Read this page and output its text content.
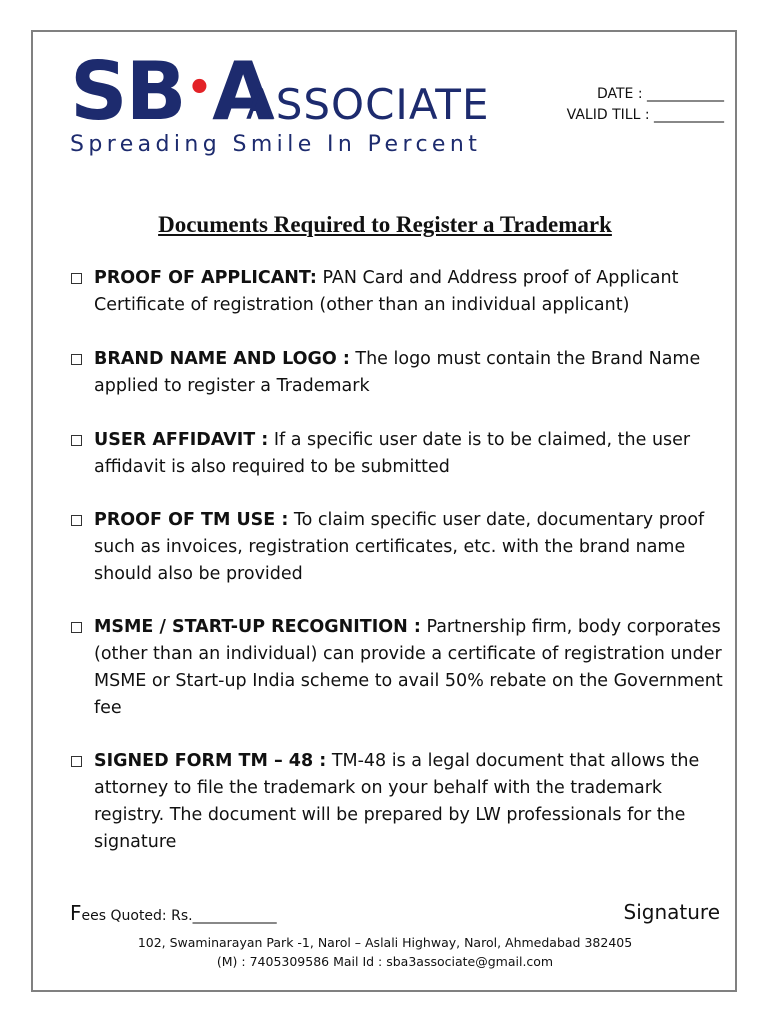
SB•A
ASSOCIATE
Spreading Smile In Percent
DATE : ___________
VALID TILL : __________
Documents Required to Register a Trademark
PROOF OF APPLICANT: PAN Card and Address proof of Applicant Certificate of registration (other than an individual applicant)
BRAND NAME AND LOGO : The logo must contain the Brand Name applied to register a Trademark
USER AFFIDAVIT : If a specific user date is to be claimed, the user affidavit is also required to be submitted
PROOF OF TM USE : To claim specific user date, documentary proof such as invoices, registration certificates, etc. with the brand name should also be provided
MSME / START-UP RECOGNITION : Partnership firm, body corporates (other than an individual) can provide a certificate of registration under MSME or Start-up India scheme to avail 50% rebate on the Government fee
SIGNED FORM TM – 48 : TM-48 is a legal document that allows the attorney to file the trademark on your behalf with the trademark registry. The document will be prepared by LW professionals for the signature
Fees Quoted: Rs.____________	Signature
102, Swaminarayan Park -1, Narol – Aslali Highway, Narol, Ahmedabad 382405
(M) : 7405309586 Mail Id : sba3associate@gmail.com
